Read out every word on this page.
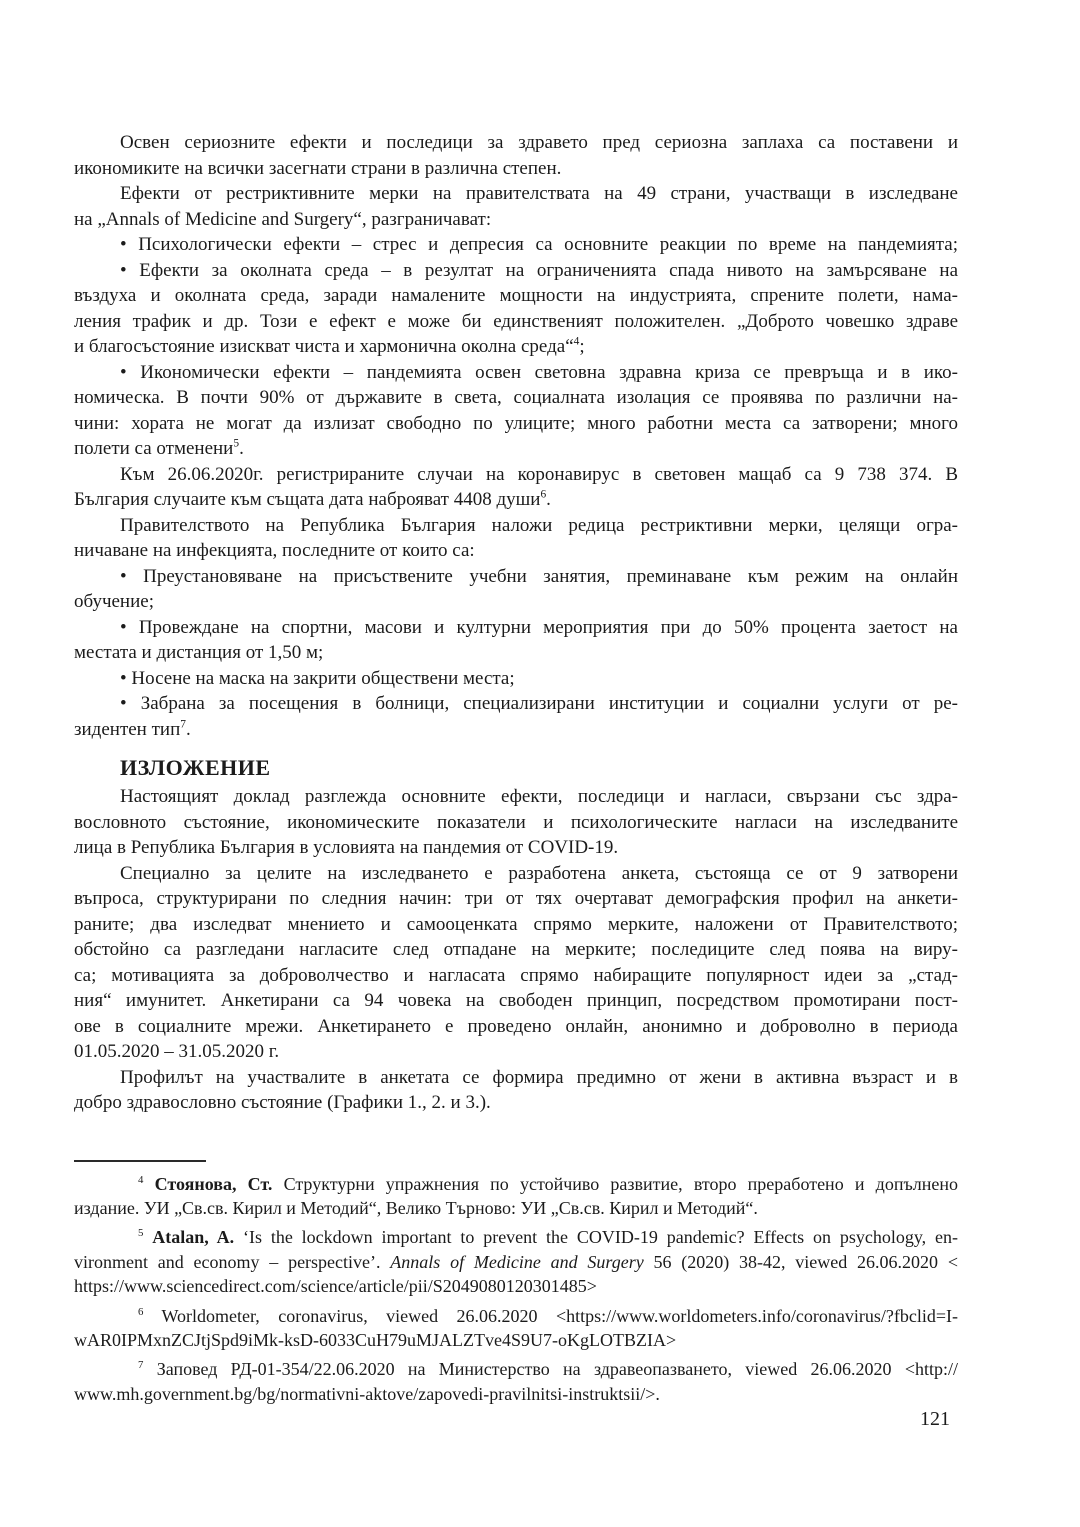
Освен сериозните ефекти и последици за здравето пред сериозна заплаха са поставени и
икономиките на всички засегнати страни в различна степен.
Ефекти от рестриктивните мерки на правителствата на 49 страни, участващи в изследване
на „Annals of Medicine and Surgery“, разграничават:
• Психологически ефекти – стрес и депресия са основните реакции по време на пандемията;
• Ефекти за околната среда – в резултат на ограниченията спада нивото на замърсяване на
въздуха и околната среда, заради намалените мощности на индустрията, спрените полети, нама-
ления трафик и др. Този е ефект е може би единственият положителен. „Доброто човешко здраве
и благосъстояние изискват чиста и хармонична околна среда“$^4$;
• Икономически ефекти – пандемията освен световна здравна криза се превръща и в ико-
номическа. В почти 90% от държавите в света, социалната изолация се проявява по различни на-
чини: хората не могат да излизат свободно по улиците; много работни места са затворени; много
полети са отменени$^5$.
Към 26.06.2020г. регистрираните случаи на коронавирус в световен мащаб са 9 738 374. В
България случаите към същата дата наброяват 4408 души$^6$.
Правителството на Република България наложи редица рестриктивни мерки, целящи огра-
ничаване на инфекцията, последните от които са:
• Преустановяване на присъствените учебни занятия, преминаване към режим на онлайн
обучение;
• Провеждане на спортни, масови и културни мероприятия при до 50% процента заетост на
местата и дистанция от 1,50 м;
• Носене на маска на закрити обществени места;
• Забрана за посещения в болници, специализирани институции и социални услуги от ре-
зидентен тип$^7$.
ИЗЛОЖЕНИЕ
Настоящият доклад разглежда основните ефекти, последици и нагласи, свързани със здра-
вословното състояние, икономическите показатели и психологическите нагласи на изследваните
лица в Република България в условията на пандемия от COVID-19.
Специално за целите на изследването е разработена анкета, състояща се от 9 затворени
въпроса, структурирани по следния начин: три от тях очертават демографския профил на анкети-
раните; два изследват мнението и самооценката спрямо мерките, наложени от Правителството;
обстойно са разгледани нагласите след отпадане на мерките; последиците след поява на виру-
са; мотивацията за доброволчество и нагласата спрямо набиращите популярност идеи за „стад-
ния“ имунитет. Анкетирани са 94 човека на свободен принцип, посредством промотирани пост-
ове в социалните мрежи. Анкетирането е проведено онлайн, анонимно и доброволно в периода
01.05.2020 – 31.05.2020 г.
Профилът на участвалите в анкетата се формира предимно от жени в активна възраст и в
добро здравословно състояние (Графики 1., 2. и 3.).
$^4$ Стоянова, Ст. Структурни упражнения по устойчиво развитие, второ преработено и допълнено
издание. УИ „Св.св. Кирил и Методий“, Велико Търново: УИ „Св.св. Кирил и Методий“.
$^5$ Atalan, A. ‘Is the lockdown important to prevent the COVID-19 pandemic? Effects on psychology, en-
vironment and economy – perspective’. Annals of Medicine and Surgery 56 (2020) 38-42, viewed 26.06.2020 <
https://www.sciencedirect.com/science/article/pii/S2049080120301485>
$^6$ Worldometer, coronavirus, viewed 26.06.2020 <https://www.worldometers.info/coronavirus/?fbclid=I-
wAR0IPMxnZCJtjSpd9iMk-ksD-6033CuH79uMJALZTve4S9U7-oKgLOTBZIA>
$^7$ Заповед РД-01-354/22.06.2020 на Министерство на здравеопазването, viewed 26.06.2020 <http://
www.mh.government.bg/bg/normativni-aktove/zapovedi-pravilnitsi-instruktsii/>.
121
